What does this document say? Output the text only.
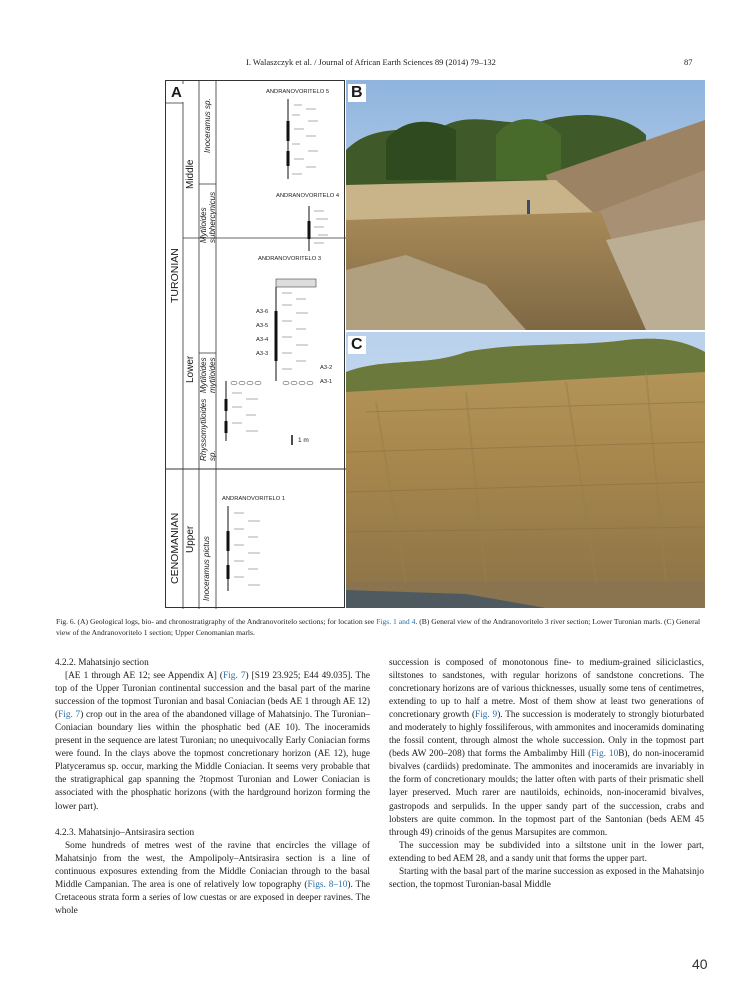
I. Walaszczyk et al. / Journal of African Earth Sciences 89 (2014) 79–132	87
A
CENOMANIAN
TURONIAN
Upper
Lower
Middle
Inoceramus pictus
Rhyssomytiloides sp.
Mytiloides mytiloides
Mytiloides subhercynicus
Inoceramus sp.
ANDRANOVORITELO 5
ANDRANOVORITELO 4
ANDRANOVORITELO 3
ANDRANOVORITELO 1
A3-6
A3-5
A3-4
A3-3
A3-2
A3-1
1 m
B
C
Fig. 6. (A) Geological logs, bio- and chronostratigraphy of the Andranovoritelo sections; for location see Figs. 1 and 4. (B) General view of the Andranovoritelo 3 river section; Lower Turonian marls. (C) General view of the Andranovoritelo 1 section; Upper Cenomanian marls.

4.2.2. Mahatsinjo section

[AE 1 through AE 12; see Appendix A] (Fig. 7) [S19 23.925; E44 49.035]. The top of the Upper Turonian continental succession and the basal part of the marine succession of the topmost Turonian and basal Coniacian (beds AE 1 through AE 12) (Fig. 7) crop out in the area of the abandoned village of Mahatsinjo. The Turonian–Coniacian boundary lies within the phosphatic bed (AE 10). The inoceramids present in the sequence are latest Turonian; no unequivocally Early Coniacian forms were found. In the clays above the topmost concretionary horizon (AE 12), huge Platyceramus sp. occur, marking the Middle Coniacian. It seems very probable that the stratigraphical gap spanning the ?topmost Turonian and Lower Coniacian is associated with the phosphatic horizons (with the hardground horizon forming the lower part).

4.2.3. Mahatsinjo–Antsirasira section

Some hundreds of metres west of the ravine that encircles the village of Mahatsinjo from the west, the Ampolipoly–Antsirasira section is a line of continuous exposures extending from the Middle Coniacian through to the basal Middle Campanian. The area is one of relatively low topography (Figs. 8–10). The Cretaceous strata form a series of low cuestas or are exposed in deeper ravines. The whole

succession is composed of monotonous fine- to medium-grained siliciclastics, siltstones to sandstones, with regular horizons of sandstone concretions. The concretionary horizons are of various thicknesses, usually some tens of centimetres, extending to up to half a metre. Most of them show at least two generations of concretionary growth (Fig. 9). The succession is moderately to strongly bioturbated and moderately to highly fossiliferous, with ammonites and inoceramids dominating the fossil content, through almost the whole succession. Only in the topmost part (beds AW 200–208) that forms the Ambalimby Hill (Fig. 10B), do non-inoceramid bivalves (cardiids) predominate. The ammonites and inoceramids are invariably in the form of concretionary moulds; the latter often with parts of their prismatic shell layer preserved. Much rarer are nautiloids, echinoids, non-inoceramid bivalves, gastropods and serpulids. In the upper sandy part of the succession, crabs and lobsters are quite common. In the topmost part of the Santonian (beds AEM 45 through 49) crinoids of the genus Marsupites are common.

The succession may be subdivided into a siltstone unit in the lower part, extending to bed AEM 28, and a sandy unit that forms the upper part.

Starting with the basal part of the marine succession as exposed in the Mahatsinjo section, the topmost Turonian-basal Middle

40
